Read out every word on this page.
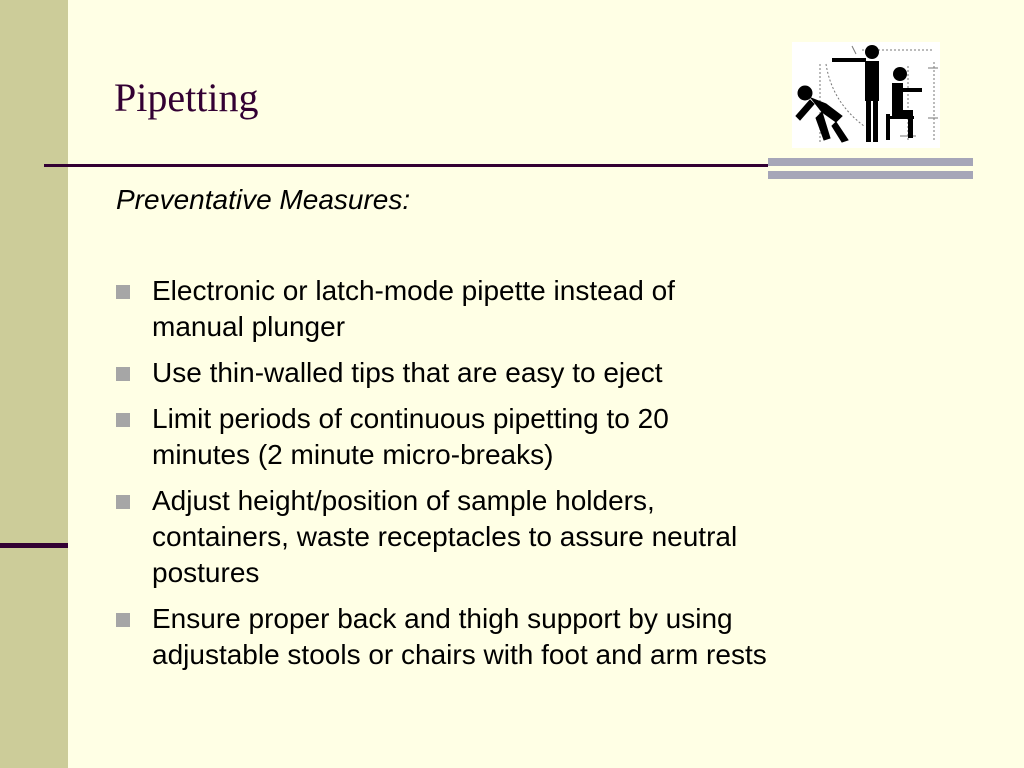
Pipetting
Preventative Measures:
Electronic or latch-mode pipette instead of
manual plunger
Use thin-walled tips that are easy to eject
Limit periods of continuous pipetting to 20
minutes (2 minute micro-breaks)
Adjust height/position of sample holders,
containers, waste receptacles to assure neutral
postures
Ensure proper back and thigh support by using
adjustable stools or chairs with foot and arm rests
